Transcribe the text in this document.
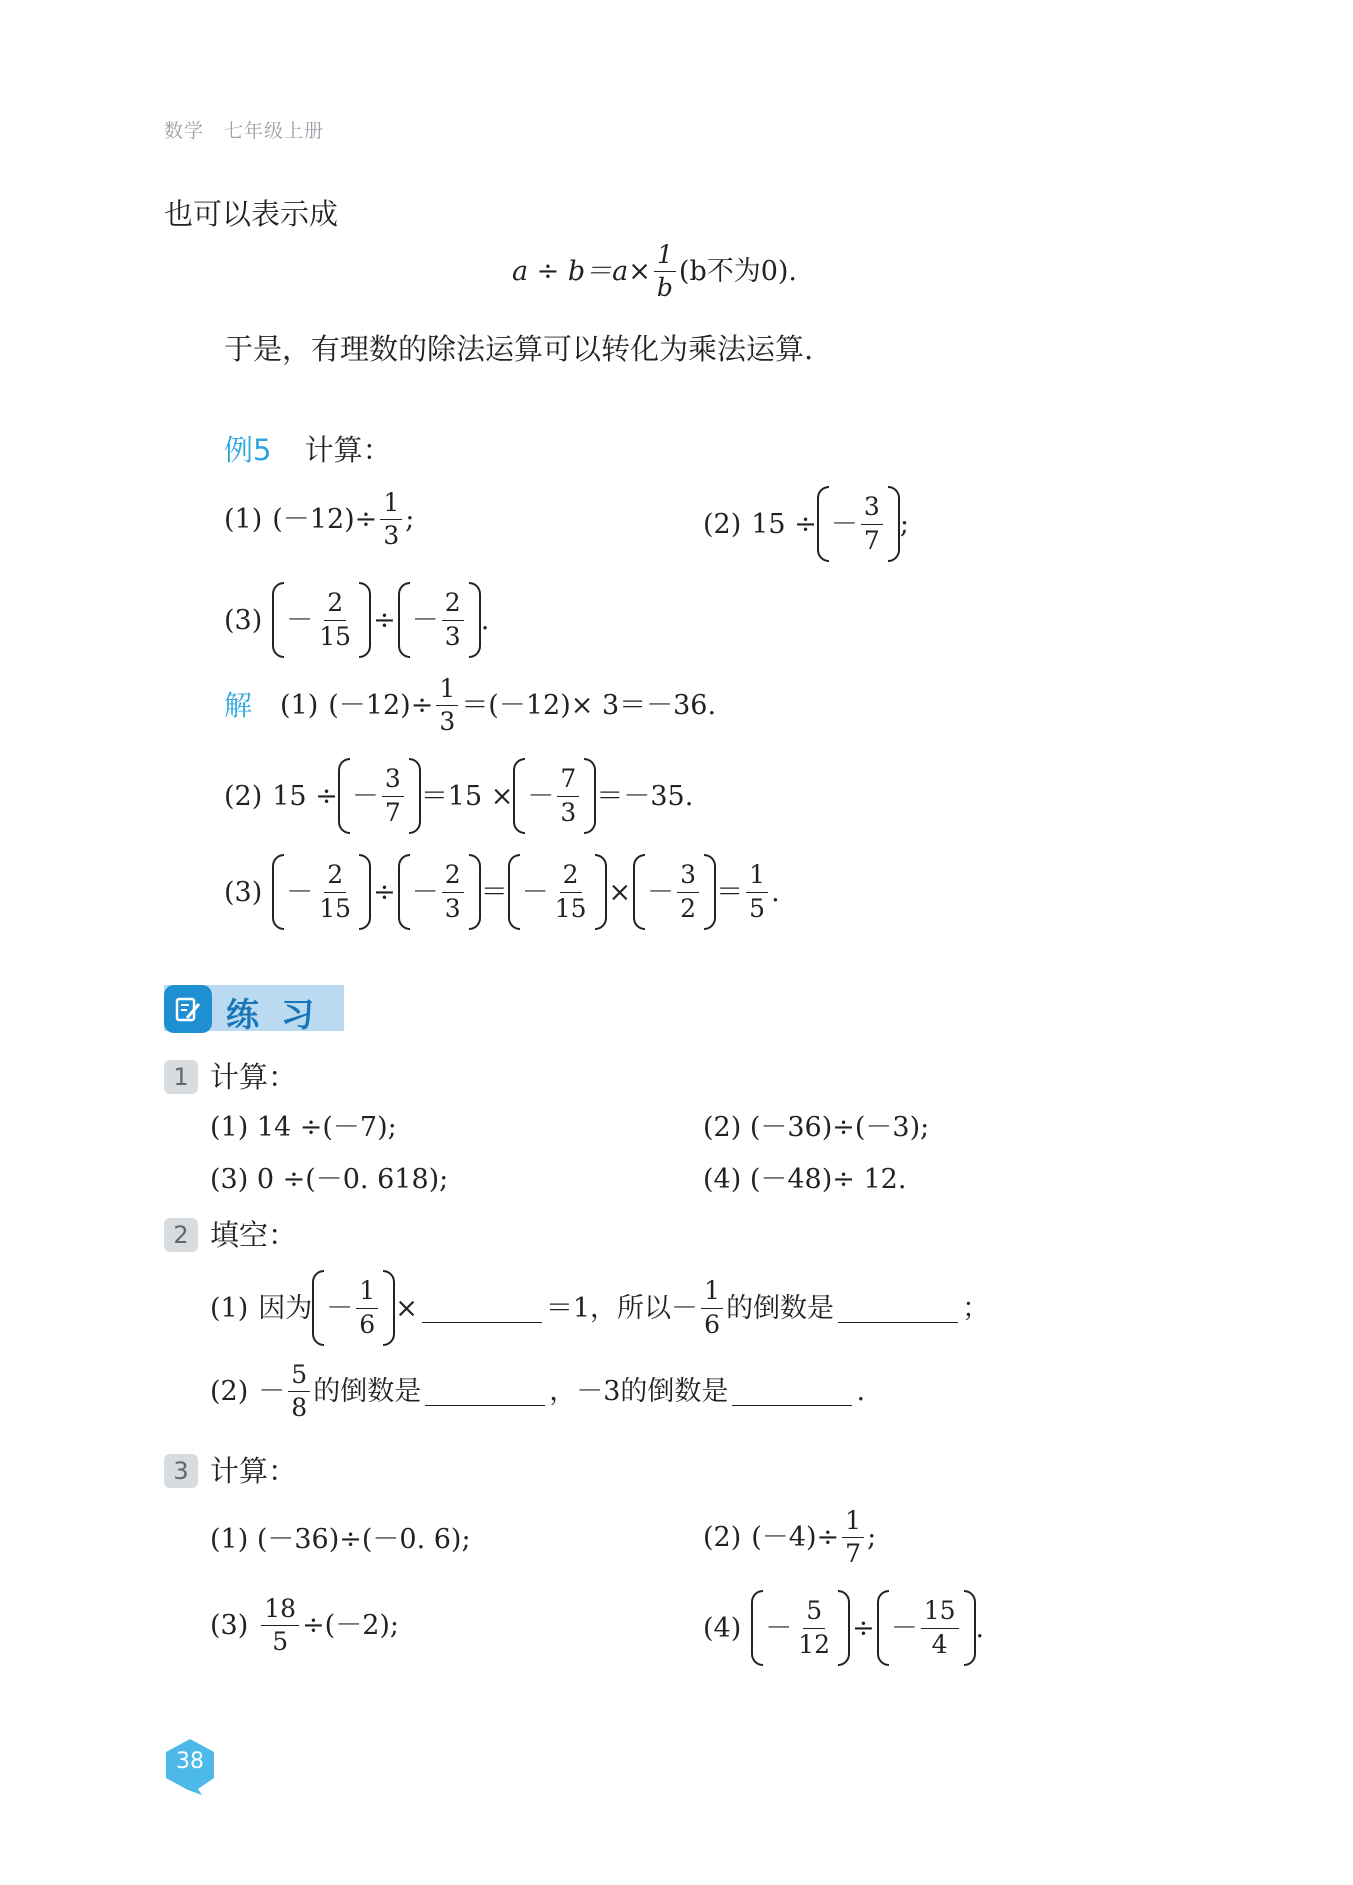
数学　七年级上册
也可以表示成
$a \div b=a\times \frac{1}{b} (b$不为0).
于是，有理数的除法运算可以转化为乘法运算.
例5 计算：
(1) $(-12)\div \frac{1}{3}$ ;	(2) 15 ÷ － $\frac{3}{7}$ ;
$(3) - \frac{2}{15}$ ÷ － $\frac{2}{3}$ .
解 (1) $(-12)\div \frac{1}{3} =(-12)\times 3=-36$.
(2) 15 ÷ － $\frac{3}{7} =15$ × － $\frac{7}{3} =-35$.
$(3) - \frac{2}{15}$ ÷ － $\frac{2}{3}$ ＝ － $\frac{2}{15}$ × － $\frac{3}{2} = \frac{1}{5}$ .
练习
1 计算：
(1) 14 ÷(－7);	(2) (－36)÷(－3);
(3) 0 ÷(－0. 618);	(4) (－48)÷ 12.
2 填空：
(1) 因为 － $\frac{1}{6}$ ×	＝1，所以－ $\frac{1}{6}$ 的倒数是	；
$(2) - \frac{5}{8}$ 的倒数是	，－3的倒数是	.
3 计算：
(1) (－36)÷(－0. 6);	(2) $(-4)\div \frac{1}{7}$ ;
$(3) \frac{18}{5} \div(-2)$;	$(4) - \frac{5}{12}$ ÷ － $\frac{15}{4}$ .
38
